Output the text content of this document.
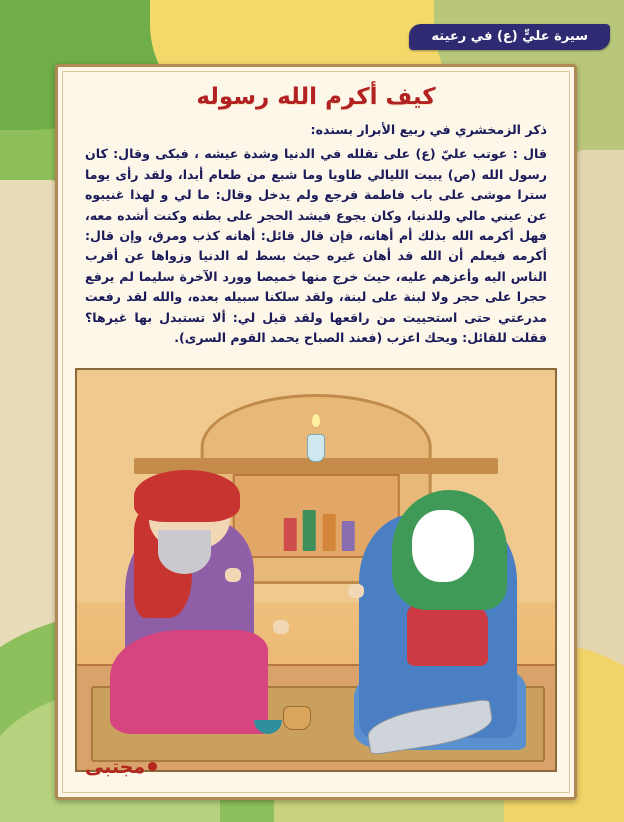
سيرة عليٍّ (ع) في رعيته
كيف أكرم الله رسوله

ذكر الزمخشري في ربيع الأبرار بسنده:

قال : عوتب عليّ (ع) على تقلله في الدنيا وشدة عيشه ، فبكى وقال: كان رسول الله (ص) يبيت الليالي طاويا وما شبع من طعام أبدا، ولقد رأى يوما سترا موشى على باب فاطمة فرجع ولم يدخل وقال: ما لي و لهذا غنيبوه عن عيني مالي وللدنيا، وكان يجوع فيشد الحجر على بطنه وكنت أشده معه، فهل أكرمه الله بذلك أم أهانه، فإن قال قائل: أهانه كذب ومرق، وإن قال: أكرمه فيعلم أن الله قد أهان غيره حيث بسط له الدنيا وزواها عن أقرب الناس اليه وأعزهم عليه، حيث خرج منها خميصا وورد الآخرة سليما لم يرفع حجرا على حجر ولا لبنة على لبنة، ولقد سلكنا سبيله بعده، والله لقد رفعت مدرعتي حتى استحييت من راقعها ولقد قيل لي: ألا تستبدل بها غيرها؟ فقلت للقائل: ويحك اعزب (فعند الصباح يحمد القوم السرى).

مجتبى
